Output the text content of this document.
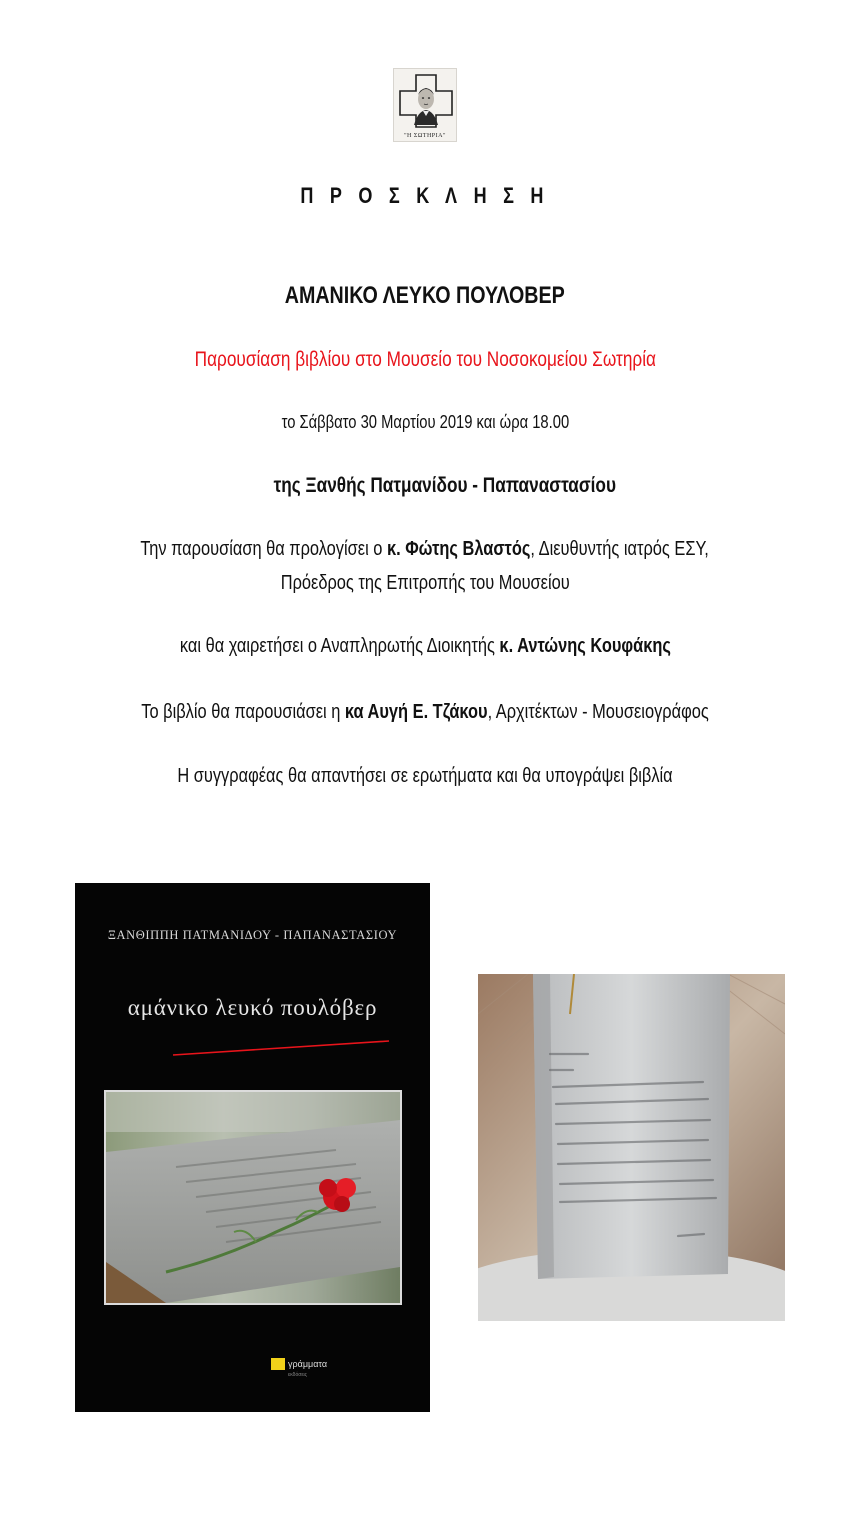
"Η ΣΩΤΗΡΙΑ"
Π Ρ Ο Σ Κ Λ Η Σ Η
ΑΜΑΝΙΚΟ ΛΕΥΚΟ ΠΟΥΛΟΒΕΡ
Παρουσίαση βιβλίου στο Μουσείο του Νοσοκομείου Σωτηρία
το Σάββατο 30 Μαρτίου 2019 και ώρα 18.00
της Ξανθής Πατμανίδου - Παπαναστασίου
Την παρουσίαση θα προλογίσει ο κ. Φώτης Βλαστός, Διευθυντής ιατρός ΕΣΥ,
Πρόεδρος της Επιτροπής του Μουσείου
και θα χαιρετήσει ο Αναπληρωτής Διοικητής κ. Αντώνης Κουφάκης
Το βιβλίο θα παρουσιάσει η κα Αυγή Ε. Τζάκου, Αρχιτέκτων - Μουσειογράφος
Η συγγραφέας θα απαντήσει σε ερωτήματα και θα υπογράψει βιβλία
ΞΑΝΘΙΠΠΗ ΠΑΤΜΑΝΙΔΟΥ - ΠΑΠΑΝΑΣΤΑΣΙΟΥ
αμάνικο λευκό πουλόβερ
γράμματα
εκδόσεις
